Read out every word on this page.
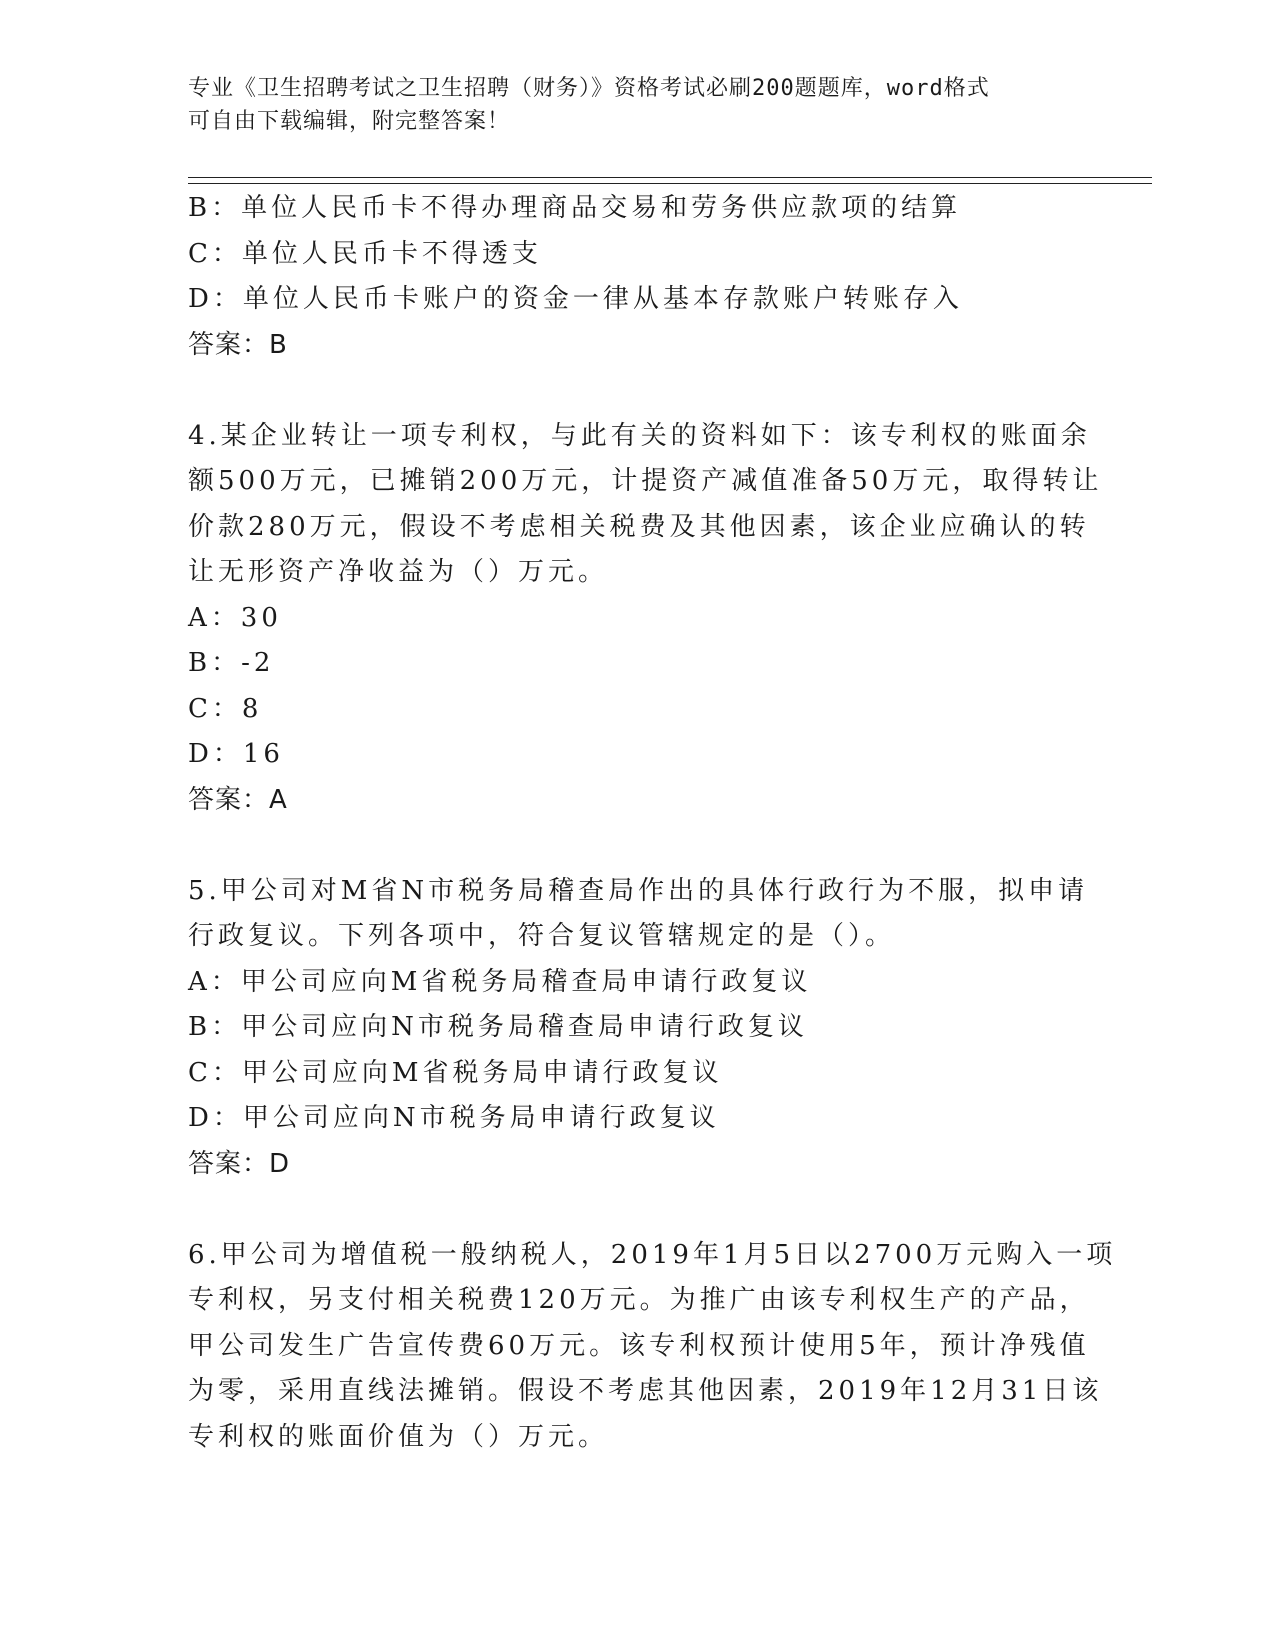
专业《卫生招聘考试之卫生招聘（财务）》资格考试必刷200题题库，word格式
可自由下载编辑，附完整答案！
B：单位人民币卡不得办理商品交易和劳务供应款项的结算
C：单位人民币卡不得透支
D：单位人民币卡账户的资金一律从基本存款账户转账存入
答案：B
4.某企业转让一项专利权，与此有关的资料如下：该专利权的账面余
额500万元，已摊销200万元，计提资产减值准备50万元，取得转让
价款280万元，假设不考虑相关税费及其他因素，该企业应确认的转
让无形资产净收益为（）万元。
A：30
B：-2
C：8
D：16
答案：A
5.甲公司对M省N市税务局稽查局作出的具体行政行为不服，拟申请
行政复议。下列各项中，符合复议管辖规定的是（）。
A：甲公司应向M省税务局稽查局申请行政复议
B：甲公司应向N市税务局稽查局申请行政复议
C：甲公司应向M省税务局申请行政复议
D：甲公司应向N市税务局申请行政复议
答案：D
6.甲公司为增值税一般纳税人，2019年1月5日以2700万元购入一项
专利权，另支付相关税费120万元。为推广由该专利权生产的产品，
甲公司发生广告宣传费60万元。该专利权预计使用5年，预计净残值
为零，采用直线法摊销。假设不考虑其他因素，2019年12月31日该
专利权的账面价值为（）万元。
